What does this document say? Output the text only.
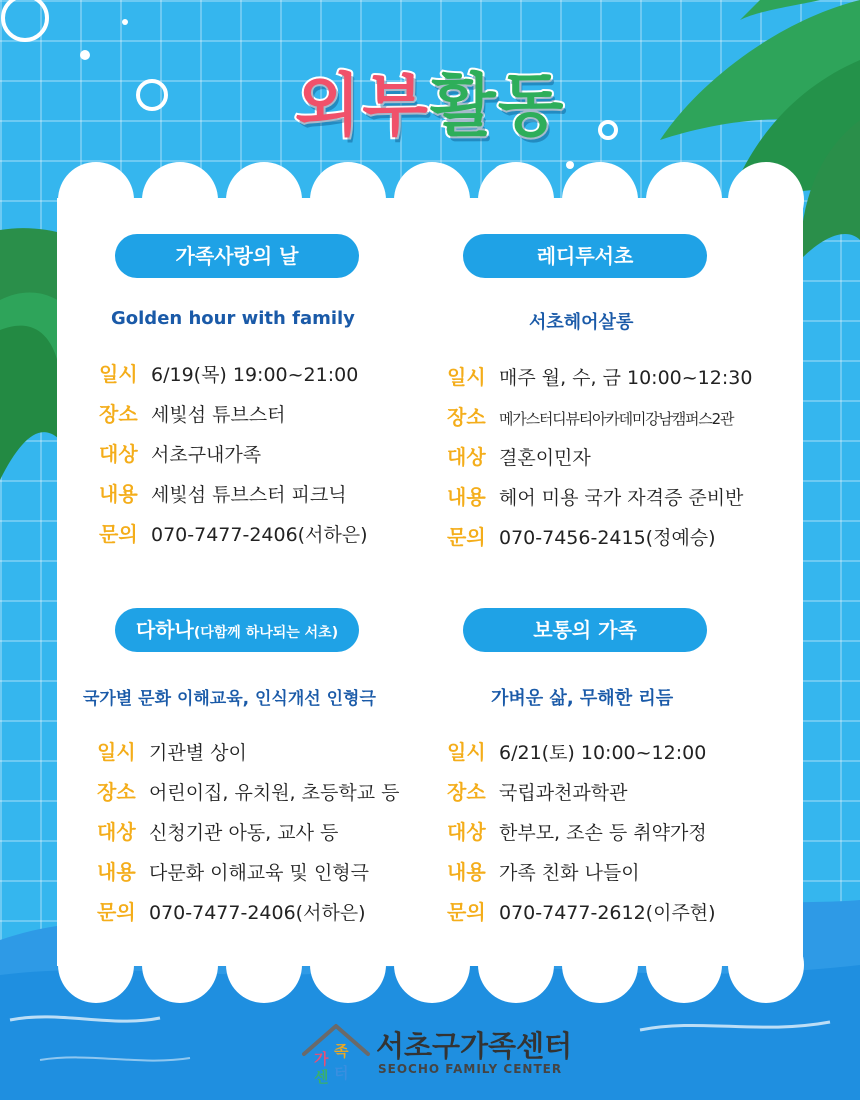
외부활동
가족사랑의 날
Golden hour with family
일시 6/19(목) 19:00~21:00
장소 세빛섬 튜브스터
대상 서초구내가족
내용 세빛섬 튜브스터 피크닉
문의 070-7477-2406(서하은)
레디투서초
서초헤어살롱
일시 매주 월, 수, 금 10:00~12:30
장소 메가스터디뷰티아카데미강남캠퍼스2관
대상 결혼이민자
내용 헤어 미용 국가 자격증 준비반
문의 070-7456-2415(정예승)
다하나(다함께 하나되는 서초)
국가별 문화 이해교육, 인식개선 인형극
일시 기관별 상이
장소 어린이집, 유치원, 초등학교 등
대상 신청기관 아동, 교사 등
내용 다문화 이해교육 및 인형극
문의 070-7477-2406(서하은)
보통의 가족
가벼운 삶, 무해한 리듬
일시 6/21(토) 10:00~12:00
장소 국립과천과학관
대상 한부모, 조손 등 취약가정
내용 가족 친화 나들이
문의 070-7477-2612(이주현)
가 족
센 터
서초구가족센터
SEOCHO FAMILY CENTER
